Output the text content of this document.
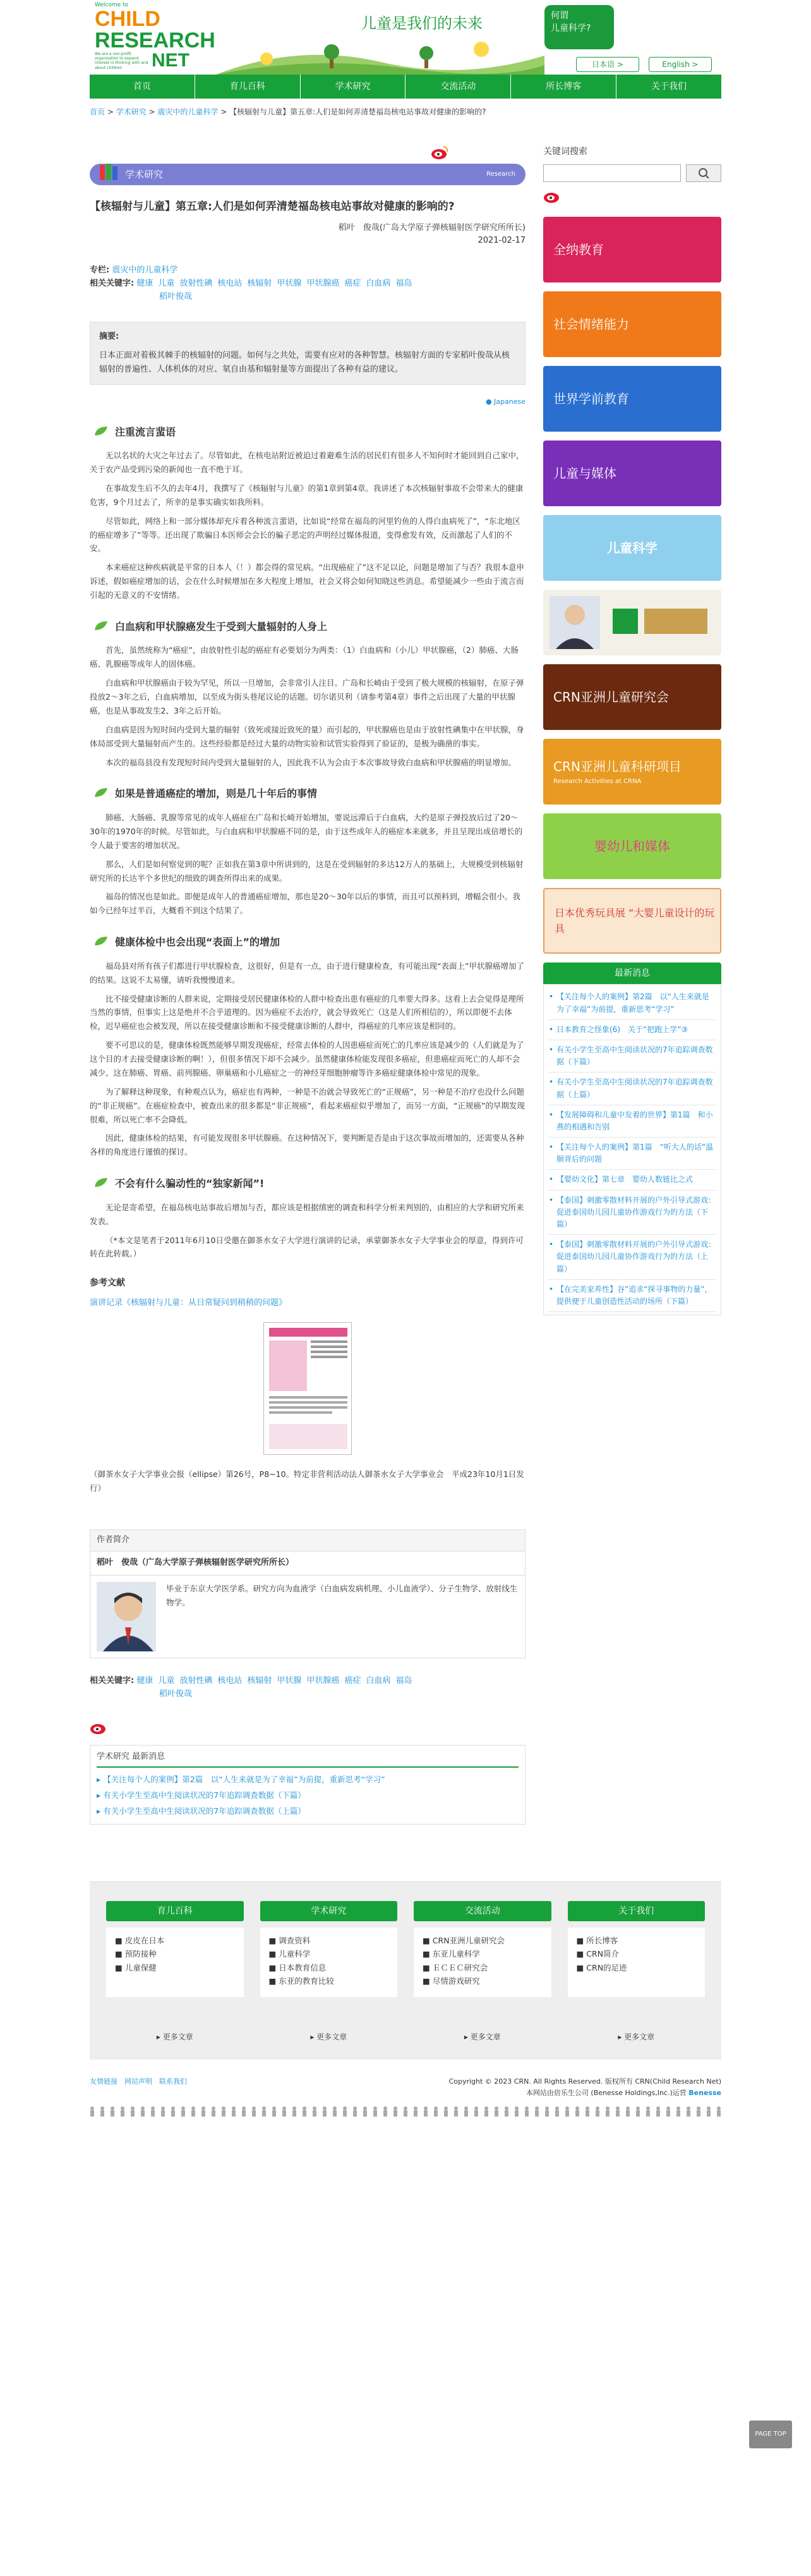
Welcome to
CHILD
RESEARCH
NET
We are a non-profit organization to expand interest in thinking with and about children
儿童是我们的未来	何谓
儿童科学?
日本语 >	English >
首页	育儿百科	学术研究	交流活动	所长博客	关于我们
首页 > 学术研究 > 震灾中的儿童科学 > 【核辐射与儿童】第五章:人们是如何弄清楚福岛核电站事故对健康的影响的?
学术研究	Research
【核辐射与儿童】第五章:人们是如何弄清楚福岛核电站事故对健康的影响的?
稻叶　俊哉(广岛大学原子弹核辐射医学研究所所长)
2021-02-17
专栏: 震灾中的儿童科学
相关关键字: 健康 儿童 放射性碘 核电站 核辐射 甲状腺 甲状腺癌 癌症 白血病 福岛
稻叶俊哉
摘要:
日本正面对着极其棘手的核辐射的问题。如何与之共处，需要有应对的各种智慧。核辐射方面的专家稻叶俊哉从核辐射的普遍性、人体机体的对应、氡自由基和辐射量等方面提出了各种有益的建议。
● Japanese
注重流言蜚语
无以名状的大灾之年过去了。尽管如此，在核电站附近被迫过着避难生活的居民们有很多人不知何时才能回到自己家中，关于农产品受到污染的新闻也一直不绝于耳。
在事故发生后不久的去年4月，我撰写了《核辐射与儿童》的第1章到第4章。我讲述了本次核辐射事故不会带来大的健康危害，9个月过去了，所幸的是事实确实如我所料。
尽管如此，网络上和一部分媒体却充斥着各种流言蜚语，比如说“经常在福岛的河里钓鱼的人得白血病死了”，“东北地区的癌症增多了”等等。还出现了欺骗日本医师会会长的骗子恶定的声明经过媒体报道，变得愈发有效，反而激起了人们的不安。
本来癌症这种疾病就是平常的日本人（！）都会得的常见病。“出现癌症了”这不足以论，问题是增加了与否？我很本意申诉述，假如癌症增加的话，会在什么时候增加在多大程度上增加，社会又将会如何知晓这些消息。希望能减少一些由于流言而引起的无意义的不安情绪。
白血病和甲状腺癌发生于受到大量辐射的人身上
首先，虽然统称为“癌症”，由放射性引起的癌症有必要划分为两类：（1）白血病和（小儿）甲状腺癌，（2）肺癌、大肠癌、乳腺癌等成年人的固体癌。
白血病和甲状腺癌由于较为罕见，所以一旦增加，会非常引人注目。广岛和长崎由于受到了极大规模的核辐射，在原子弹投放2～3年之后，白血病增加，以至成为街头巷尾议论的话题。切尔诺贝利（请参考第4章）事件之后出现了大量的甲状腺癌，也是从事故发生2、3年之后开始。
白血病是因为短时间内受到大量的辐射（致死或接近致死的量）而引起的，甲状腺癌也是由于放射性碘集中在甲状腺，身体局部受到大量辐射而产生的。这些经验都是经过大量的动物实验和试管实验得到了验证的，是极为确凿的事实。
本次的福岛县没有发现短时间内受到大量辐射的人，因此我不认为会由于本次事故导致白血病和甲状腺癌的明显增加。
如果是普通癌症的增加，则是几十年后的事情
肺癌、大肠癌、乳腺等常见的成年人癌症在广岛和长崎开始增加，要说远滞后于白血病，大约是原子弹投放后过了20～30年的1970年的时候。尽管如此，与白血病和甲状腺癌不同的是，由于这些成年人的癌症本来就多，并且呈现出成倍增长的令人最于要害的增加状况。
那么，人们是如何察觉到的呢？正如我在第3章中所讲到的，这是在受到辐射的多达12万人的基础上，大规模受到核辐射研究所的长达半个多世纪的细致的调查所得出来的成果。
福岛的情况也是如此。即便是成年人的普通癌症增加，那也是20～30年以后的事情，而且可以预料到，增幅会很小。我如今已经年过半百，大概看不到这个结果了。
健康体检中也会出现“表面上”的增加
福岛县对所有孩子们都进行甲状腺检查，这很好，但是有一点，由于进行健康检查，有可能出现“表面上”甲状腺癌增加了的结果。这说不太易懂，请听我慢慢道来。
比不接受健康诊断的人群来说，定期接受居民健康体检的人群中检查出患有癌症的几率要大得多。这看上去会觉得是理所当然的事情，但事实上这是绝并不合乎道理的。因为癌症不去治疗，就会导致死亡（这是人们所相信的），所以即便不去体检，迟早癌症也会被发现，所以在接受健康诊断和不接受健康诊断的人群中，得癌症的几率应该是相同的。
要不可思议的是，健康体检既然能够早期发现癌症，经常去体检的人因患癌症而死亡的几率应该是减少的（人们就是为了这个目的才去接受健康诊断的啊！），但很多情况下却不会减少。虽然健康体检能发现很多癌症，但患癌症而死亡的人却不会减少。这在肺癌、胃癌、前列腺癌、卵巢癌和小儿癌症之一的神经芽细胞肿瘤等许多癌症健康体检中常见的现象。
为了解释这种现象，有种观点认为，癌症也有两种，一种是不治就会导致死亡的“正规癌”，另一种是不治疗也没什么问题的“非正规癌”。在癌症检查中，被查出来的很多都是“非正规癌”，看起来癌症似乎增加了，而另一方面，“正规癌”的早期发现很难，所以死亡率不会降低。
因此，健康体检的结果，有可能发现很多甲状腺癌。在这种情况下，要判断是否是由于这次事故而增加的，还需要从各种各样的角度进行谨慎的探讨。
不会有什么骗动性的“独家新闻”!
无论是寄希望，在福岛核电站事故后增加与否，都应该是根据缜密的调查和科学分析来判别的，由相应的大学和研究所来发表。
（*本文是笔者于2011年6月10日受邀在御茶水女子大学进行演讲的记录，承蒙御茶水女子大学事业会的厚意，得到许可转在此转载。）
参考文献
演讲记录《核辐射与儿童：从日常疑问到稍稍的问题》
（御茶水女子大学事业会报（ellipse）第26号，P8~10。特定非营利活动法人御茶水女子大学事业会　平成23年10月1日发行）
作者简介
稻叶　俊哉（广岛大学原子弹核辐射医学研究所所长）
毕业于东京大学医学系。研究方向为血液学（白血病发病机理、小儿血液学）、分子生物学、放射线生物学。
相关关键字: 健康 儿童 放射性碘 核电站 核辐射 甲状腺 甲状腺癌 癌症 白血病 福岛
稻叶俊哉
学术研究 最新消息
▸ 【关注每个人的案例】第2篇　以“人生来就是为了幸福”为前提，重新思考“学习”
▸ 有关小学生至高中生阅读状况的7年追踪调查数据（下篇）
▸ 有关小学生至高中生阅读状况的7年追踪调查数据（上篇）
关键词搜索
全纳教育
社会情绪能力
世界学前教育
儿童与媒体
儿童科学
CRN亚洲儿童研究会
CRN亚洲儿童科研项目
Research Activities at CRNA
婴幼儿和媒体
日本优秀玩具展 “大婴儿童设计的玩具
最新消息
• 【关注每个人的案例】第2篇　以“人生来就是为了幸福”为前提，重新思考“学习”
• 日本教育之怪象(6)　关于“把跑上学”③
• 有关小学生至高中生阅读状况的7年追踪调查数据（下篇）
• 有关小学生至高中生阅读状况的7年追踪调查数据（上篇）
• 【发展障碍和儿童中发着的世界】第1篇　和小燕的相遇和告别
• 【关注每个人的案例】第1篇　“听大人的话”温顺背后的问题
• 【婴幼文化】第七章　婴幼人数链比之式
• 【泰国】刺激零散材料开展的户外引导式游戏：促进泰国幼儿园儿童协作游戏行为的方法（下篇）
• 【泰国】刺激零散材料开展的户外引导式游戏：促进泰国幼儿园儿童协作游戏行为的方法（上篇）
• 【在完美家养性】谷”追求“探寻事物的力量”，提供便于儿童创造性活动的场所（下篇）
育儿百科
■ 皮皮在日本
■ 预防接种
■ 儿童保健
▸ 更多文章
学术研究
■ 调查资料
■ 儿童科学
■ 日本教育信息
■ 东亚的教育比较
▸ 更多文章
交流活动
■ CRN亚洲儿童研究会
■ 东亚儿童科学
■ ＥＣＥＣ研究会
■ 尽情游戏研究
▸ 更多文章
关于我们
■ 所长博客
■ CRN简介
■ CRN的足迹
▸ 更多文章
友情链接　网站声明　联系我们	Copyright © 2023 CRN. All Rights Reserved. 版权所有 CRN(Child Research Net)
本网站由倍乐生公司 (Benesse Holdings,Inc.)运营 Benesse
PAGE TOP
